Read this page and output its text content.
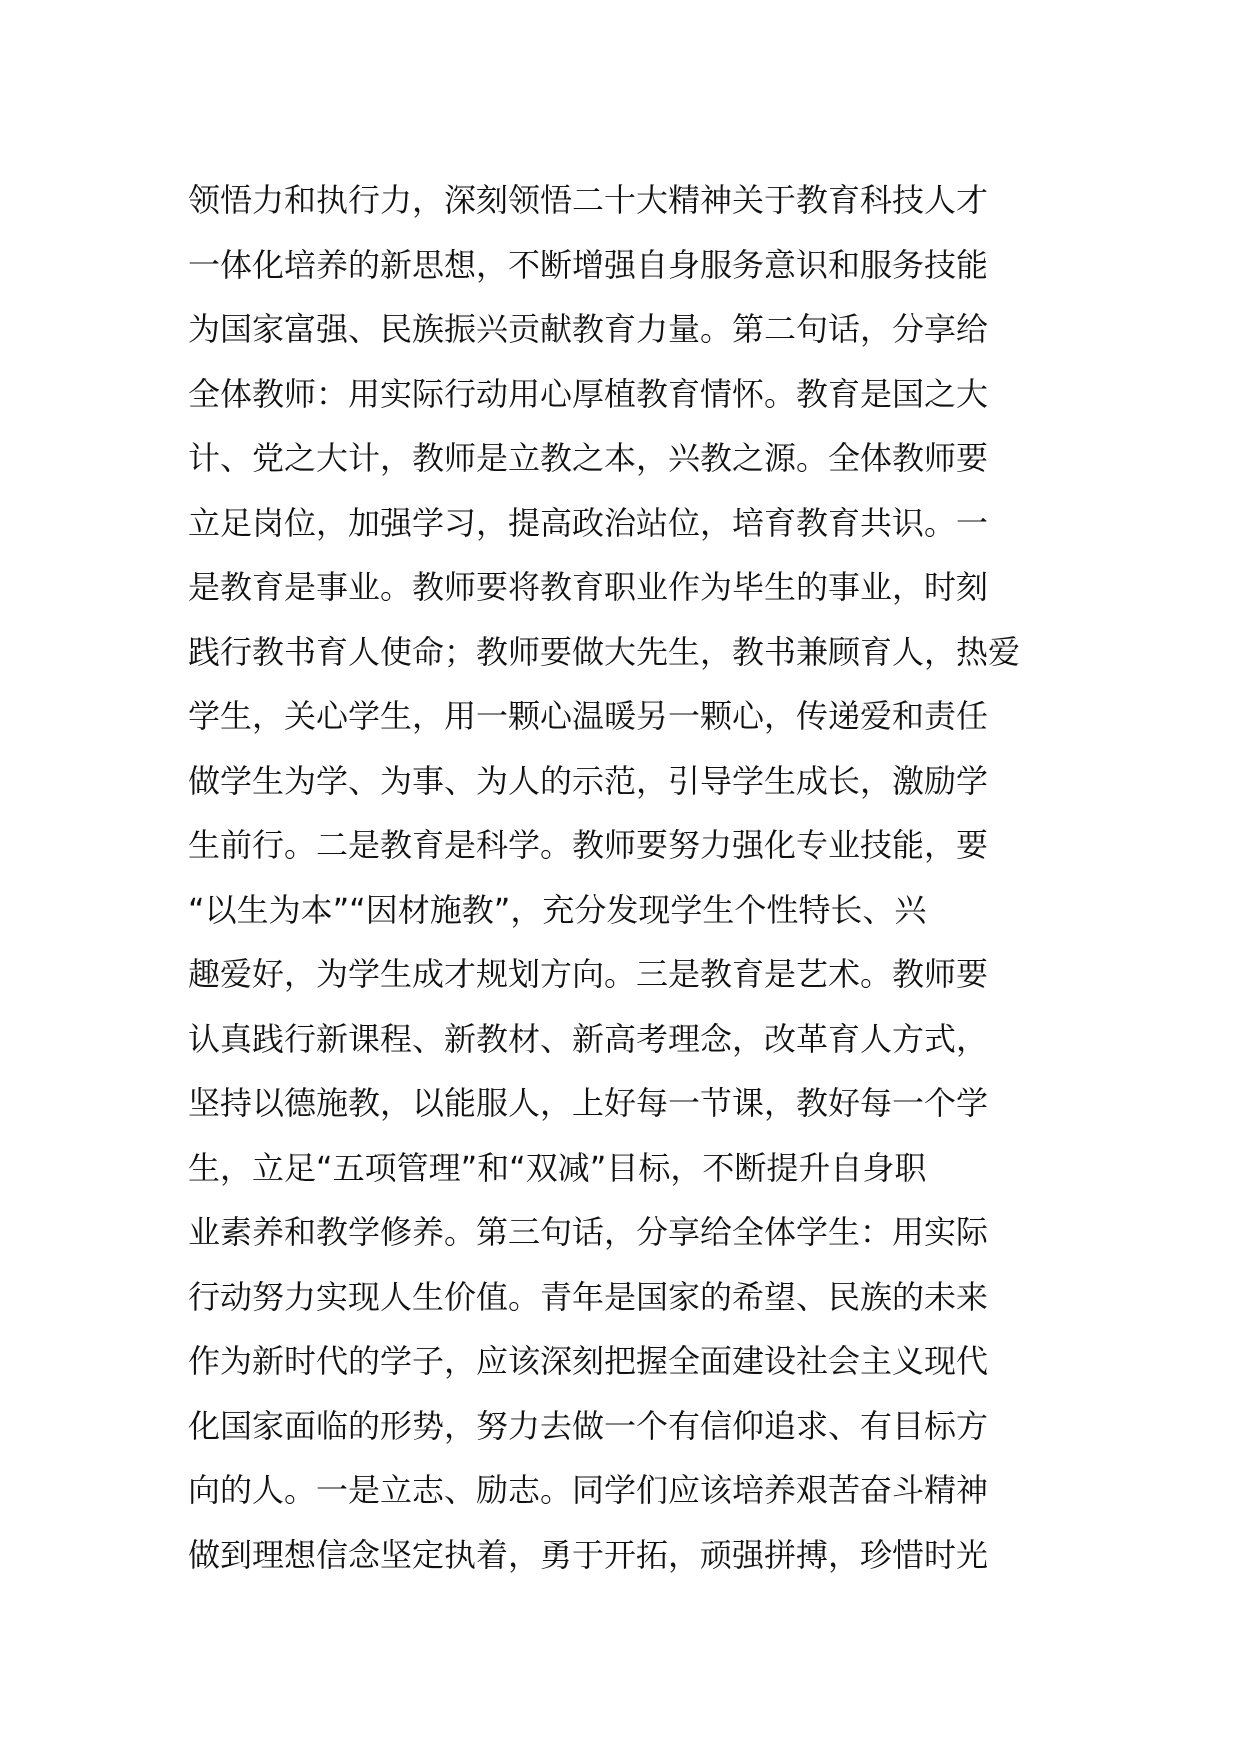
领悟力和执行力，深刻领悟二十大精神关于教育科技人才
一体化培养的新思想，不断增强自身服务意识和服务技能
为国家富强、民族振兴贡献教育力量。第二句话，分享给
全体教师：用实际行动用心厚植教育情怀。教育是国之大
计、党之大计，教师是立教之本，兴教之源。全体教师要
立足岗位，加强学习，提高政治站位，培育教育共识。一
是教育是事业。教师要将教育职业作为毕生的事业，时刻
践行教书育人使命；教师要做大先生，教书兼顾育人，热爱
学生，关心学生，用一颗心温暖另一颗心，传递爱和责任
做学生为学、为事、为人的示范，引导学生成长，激励学
生前行。二是教育是科学。教师要努力强化专业技能，要
“以生为本”“因材施教”，充分发现学生个性特长、兴
趣爱好，为学生成才规划方向。三是教育是艺术。教师要
认真践行新课程、新教材、新高考理念，改革育人方式，
坚持以德施教，以能服人，上好每一节课，教好每一个学
生，立足“五项管理”和“双减”目标，不断提升自身职
业素养和教学修养。第三句话，分享给全体学生：用实际
行动努力实现人生价值。青年是国家的希望、民族的未来
作为新时代的学子，应该深刻把握全面建设社会主义现代
化国家面临的形势，努力去做一个有信仰追求、有目标方
向的人。一是立志、励志。同学们应该培养艰苦奋斗精神
做到理想信念坚定执着，勇于开拓，顽强拼搏，珍惜时光
